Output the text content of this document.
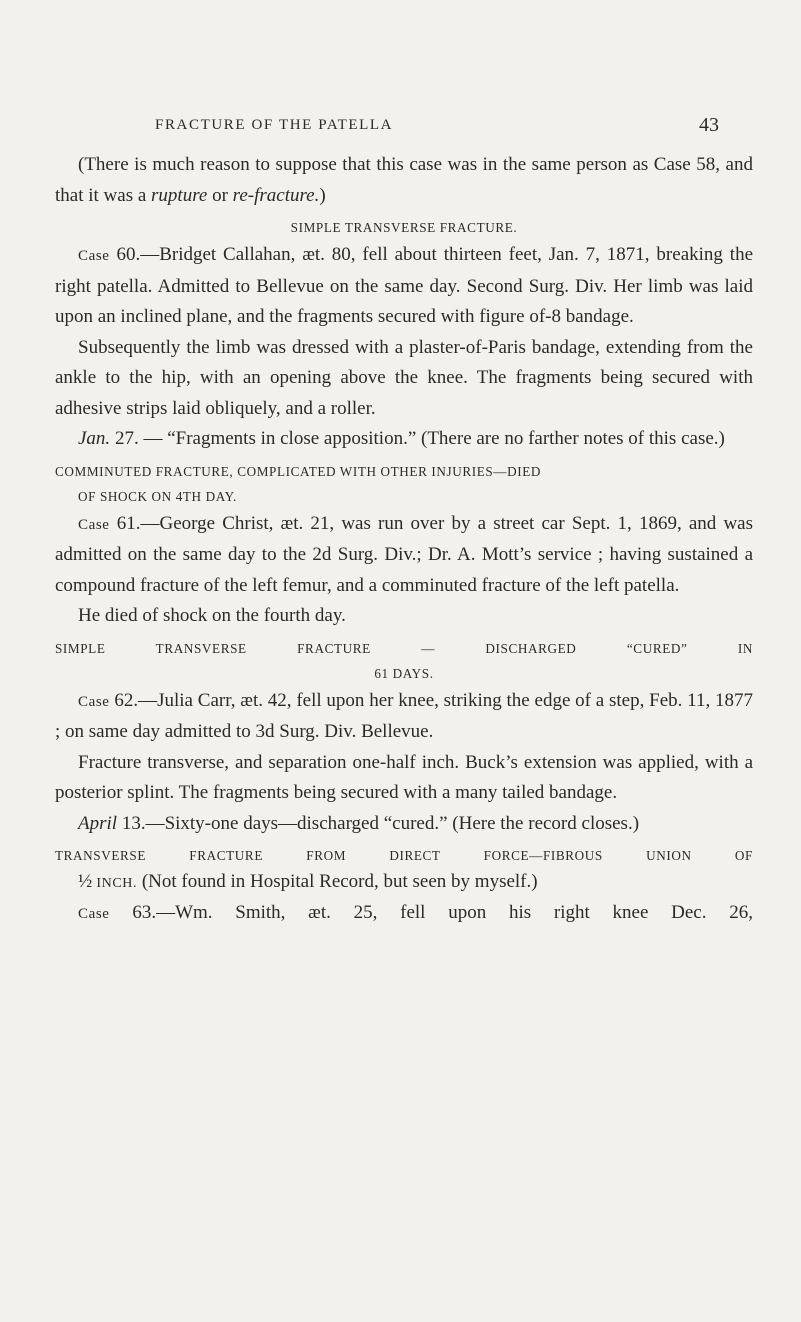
FRACTURE OF THE PATELLA	43

(There is much reason to suppose that this case was in the same person as Case 58, and that it was a rupture or re-fracture.)

SIMPLE TRANSVERSE FRACTURE.

Case 60.—Bridget Callahan, æt. 80, fell about thirteen feet, Jan. 7, 1871, breaking the right patella. Admitted to Bellevue on the same day. Second Surg. Div. Her limb was laid upon an inclined plane, and the fragments secured with figure of-8 bandage.

Subsequently the limb was dressed with a plaster-of-Paris bandage, extending from the ankle to the hip, with an opening above the knee. The fragments being secured with adhesive strips laid obliquely, and a roller.

Jan. 27. — “Fragments in close apposition.” (There are no farther notes of this case.)

COMMINUTED FRACTURE, COMPLICATED WITH OTHER INJURIES—DIED
OF SHOCK ON 4TH DAY.

Case 61.—George Christ, æt. 21, was run over by a street car Sept. 1, 1869, and was admitted on the same day to the 2d Surg. Div.; Dr. A. Mott’s service ; having sustained a compound fracture of the left femur, and a comminuted fracture of the left patella.

He died of shock on the fourth day.

SIMPLE TRANSVERSE FRACTURE — DISCHARGED “CURED” IN
61 DAYS.

Case 62.—Julia Carr, æt. 42, fell upon her knee, striking the edge of a step, Feb. 11, 1877 ; on same day admitted to 3d Surg. Div. Bellevue.

Fracture transverse, and separation one-half inch. Buck’s extension was applied, with a posterior splint. The fragments being secured with a many tailed bandage.

April 13.—Sixty-one days—discharged “cured.” (Here the record closes.)

TRANSVERSE FRACTURE FROM DIRECT FORCE—FIBROUS UNION OF

½ INCH. (Not found in Hospital Record, but seen by myself.)

Case 63.—Wm. Smith, æt. 25, fell upon his right knee Dec. 26,
